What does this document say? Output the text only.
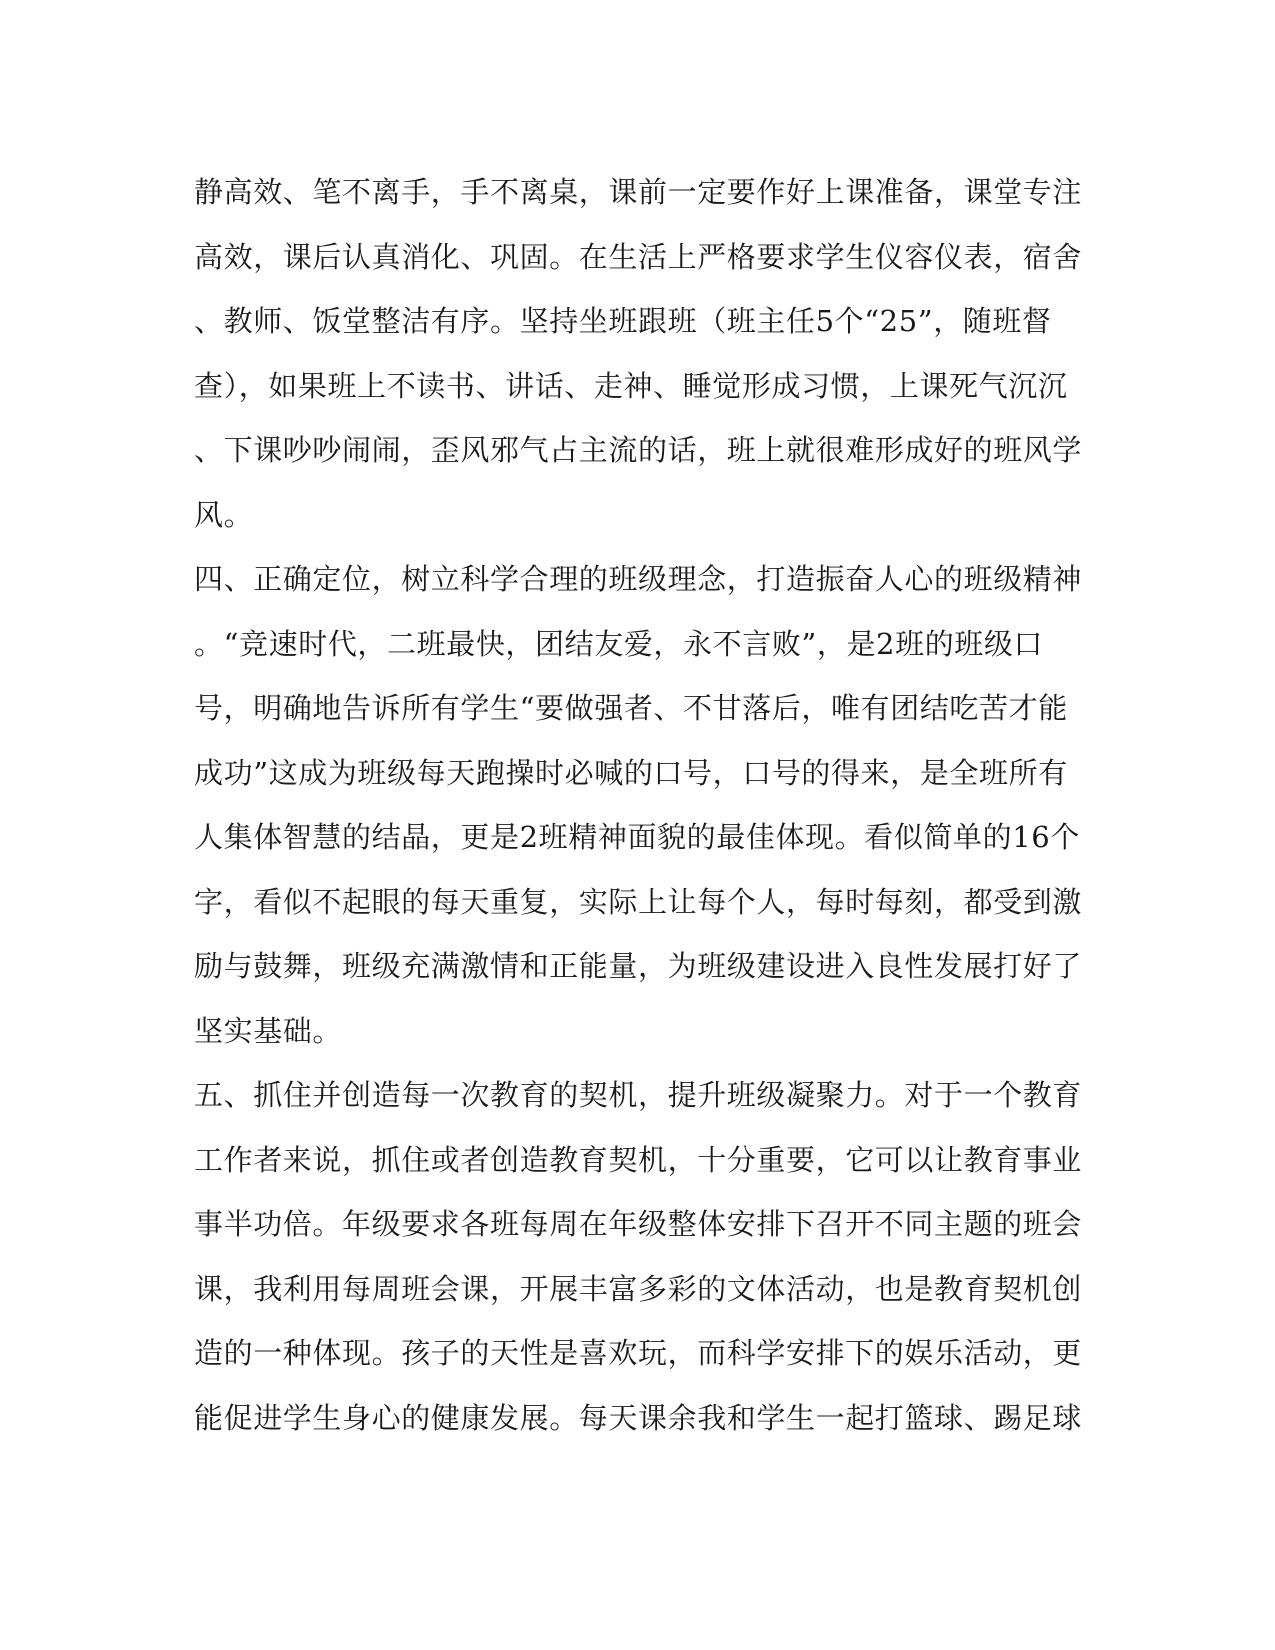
静高效、笔不离手，手不离桌，课前一定要作好上课准备，课堂专注
高效，课后认真消化、巩固。在生活上严格要求学生仪容仪表，宿舍
、教师、饭堂整洁有序。坚持坐班跟班（班主任5个“25”，随班督
查），如果班上不读书、讲话、走神、睡觉形成习惯，上课死气沉沉
、下课吵吵闹闹，歪风邪气占主流的话，班上就很难形成好的班风学
风。
四、正确定位，树立科学合理的班级理念，打造振奋人心的班级精神
。“竞速时代，二班最快，团结友爱，永不言败”，是2班的班级口
号，明确地告诉所有学生“要做强者、不甘落后，唯有团结吃苦才能
成功”这成为班级每天跑操时必喊的口号，口号的得来，是全班所有
人集体智慧的结晶，更是2班精神面貌的最佳体现。看似简单的16个
字，看似不起眼的每天重复，实际上让每个人，每时每刻，都受到激
励与鼓舞，班级充满激情和正能量，为班级建设进入良性发展打好了
坚实基础。
五、抓住并创造每一次教育的契机，提升班级凝聚力。对于一个教育
工作者来说，抓住或者创造教育契机，十分重要，它可以让教育事业
事半功倍。年级要求各班每周在年级整体安排下召开不同主题的班会
课，我利用每周班会课，开展丰富多彩的文体活动，也是教育契机创
造的一种体现。孩子的天性是喜欢玩，而科学安排下的娱乐活动，更
能促进学生身心的健康发展。每天课余我和学生一起打篮球、踢足球
